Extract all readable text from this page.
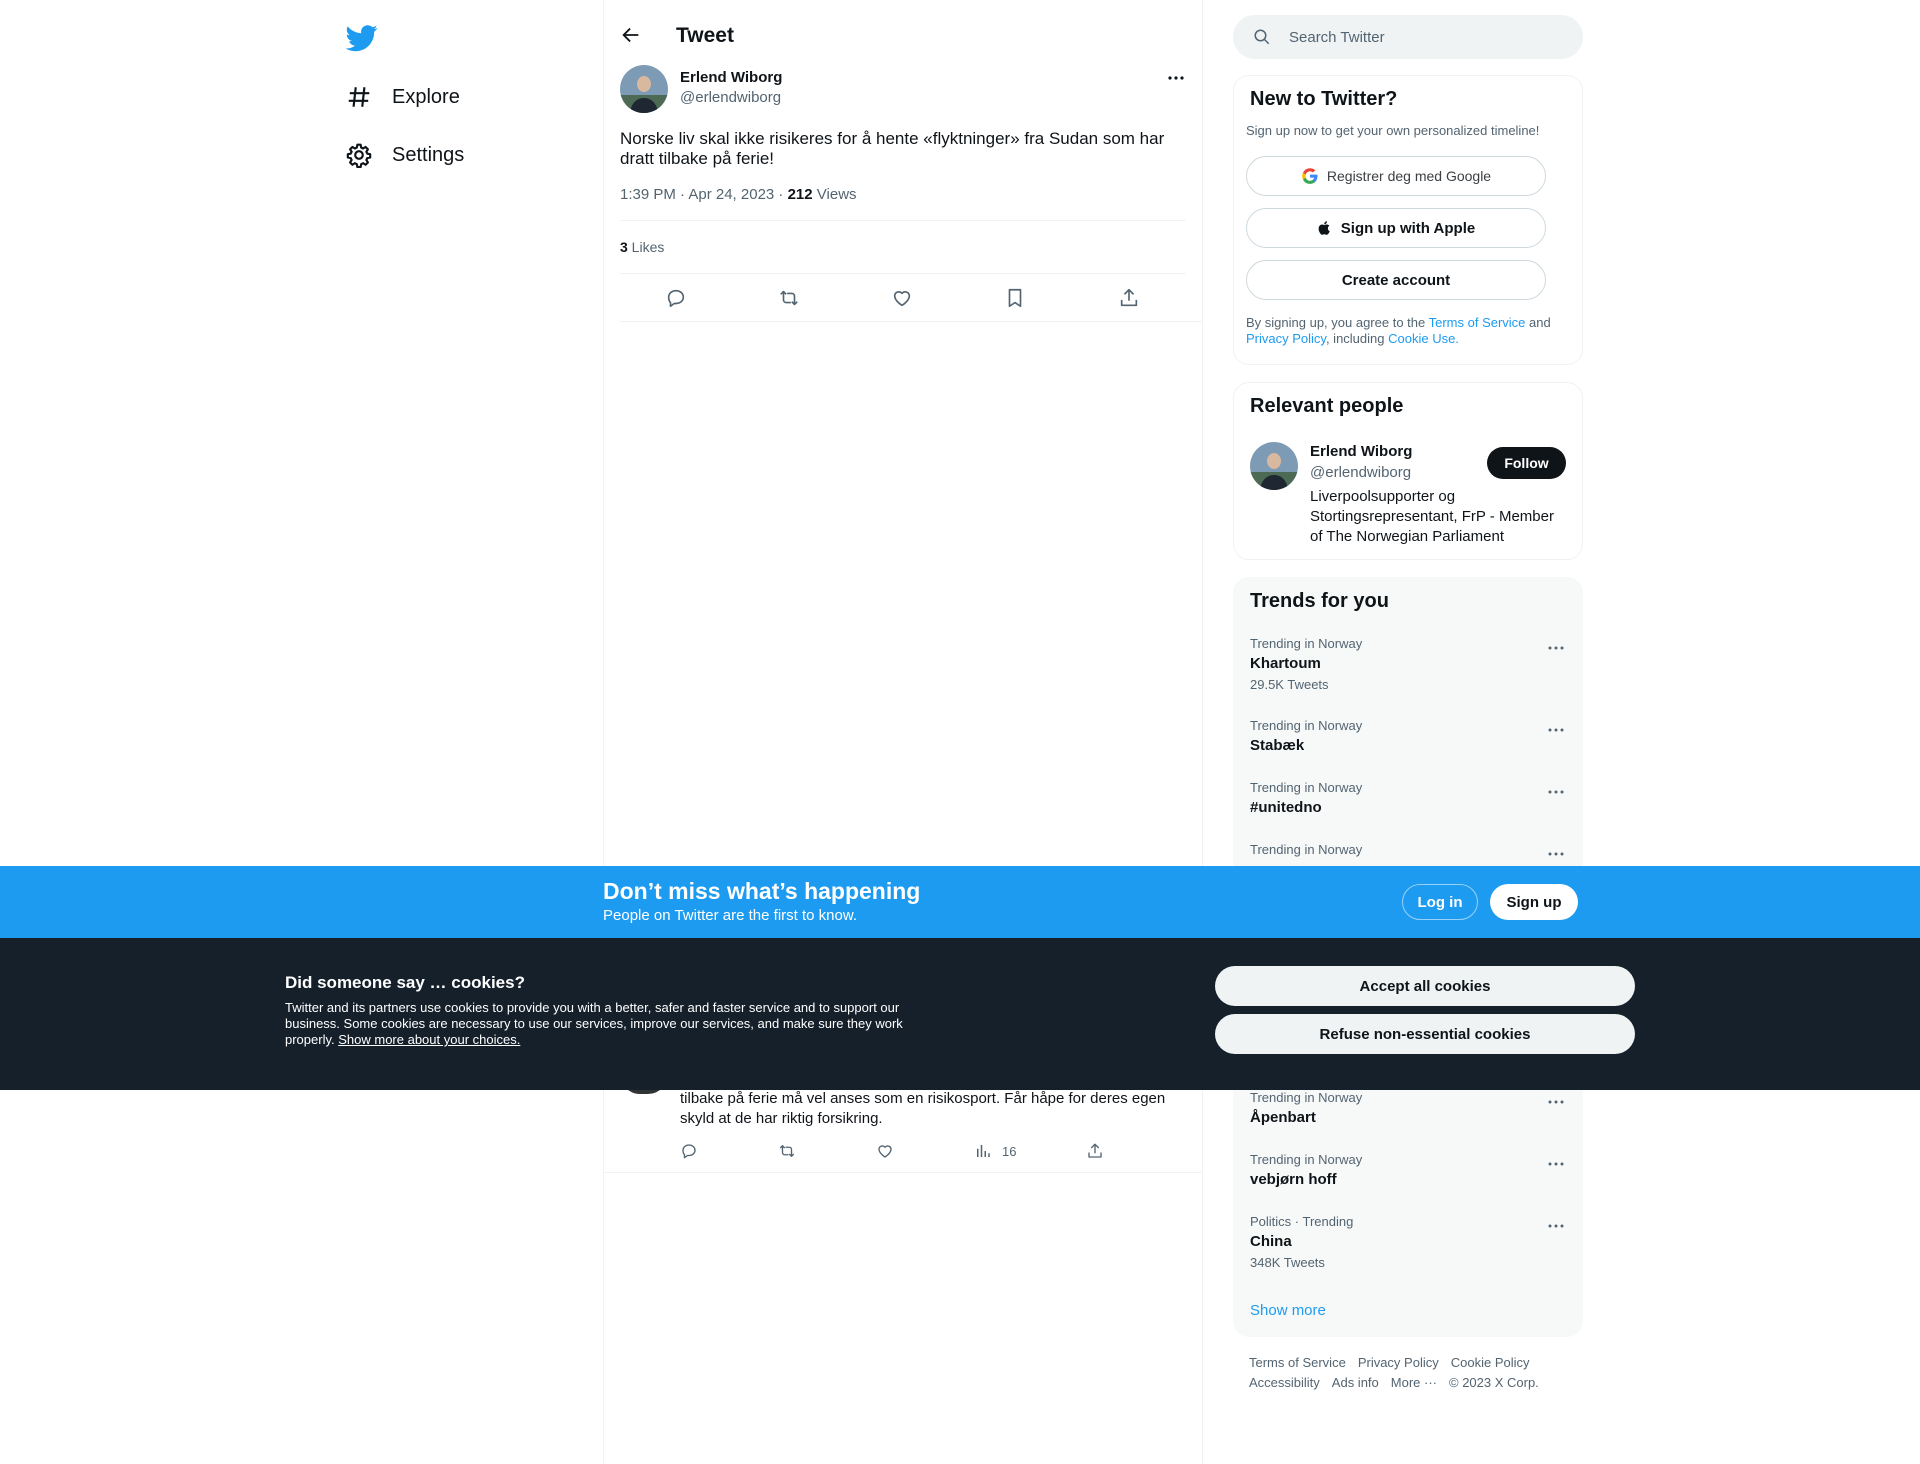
Explore
Settings
Tweet
Erlend Wiborg
@erlendwiborg
Norske liv skal ikke risikeres for å hente «flyktninger» fra Sudan som har dratt tilbake på ferie!
1:39 PM · Apr 24, 2023 · 212 Views
3 Likes
tilbake på ferie må vel anses som en risikosport. Får håpe for deres egen skyld at de har riktig forsikring.
16
Search Twitter
New to Twitter?
Sign up now to get your own personalized timeline!
Registrer deg med Google
Sign up with Apple
Create account
By signing up, you agree to the Terms of Service and
Privacy Policy, including Cookie Use.
Relevant people
Erlend Wiborg
@erlendwiborg
Follow
Liverpoolsupporter og Stortingsrepresentant, FrP - Member of The Norwegian Parliament
Trends for you
Trending in Norway
Khartoum
29.5K Tweets
Trending in Norway
Stabæk
Trending in Norway
#unitedno
Trending in Norway
Trending in Norway
Åpenbart
Trending in Norway
vebjørn hoff
Politics · Trending
China
348K Tweets
Show more
Terms of Service Privacy Policy Cookie Policy
Accessibility Ads info More ··· © 2023 X Corp.
Don’t miss what’s happening
People on Twitter are the first to know.
Log in	Sign up
Did someone say … cookies?
Twitter and its partners use cookies to provide you with a better, safer and faster service and to support our business. Some cookies are necessary to use our services, improve our services, and make sure they work properly. Show more about your choices.
Accept all cookies
Refuse non-essential cookies
